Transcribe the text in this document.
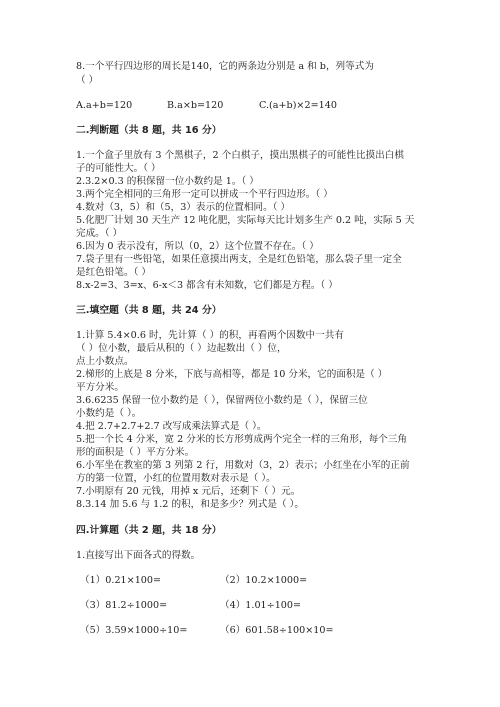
8.一个平行四边形的周长是140，它的两条边分别是 a 和 b，列等式为
（ ）
A.a+b=120	B.a×b=120	C.(a+b)×2=140
二.判断题（共 8 题，共 16 分）
1.一个盒子里放有 3 个黑棋子，2 个白棋子，摸出黑棋子的可能性比摸出白棋
子的可能性大。（ ）
2.3.2×0.3 的积保留一位小数约是 1。（ ）
3.两个完全相同的三角形一定可以拼成一个平行四边形。（ ）
4.数对（3，5）和（5，3）表示的位置相同。（ ）
5.化肥厂计划 30 天生产 12 吨化肥，实际每天比计划多生产 0.2 吨，实际 5 天
完成。（ ）
6.因为 0 表示没有，所以（0，2）这个位置不存在。（ ）
7.袋子里有一些铅笔，如果任意摸出两支，全是红色铅笔，那么袋子里一定全
是红色铅笔。（ ）
8.x-2=3、3=x、6-x＜3 都含有未知数，它们都是方程。（ ）
三.填空题（共 8 题，共 24 分）
1.计算 5.4×0.6 时，先计算（ ）的积，再看两个因数中一共有
（ ）位小数，最后从积的（ ）边起数出（ ）位，
点上小数点。
2.梯形的上底是 8 分米，下底与高相等，都是 10 分米，它的面积是（ ）
平方分米。
3.6.6235 保留一位小数约是（ ），保留两位小数约是（ ），保留三位
小数约是（ ）。
4.把 2.7+2.7+2.7 改写成乘法算式是（ ）。
5.把一个长 4 分米，宽 2 分米的长方形剪成两个完全一样的三角形，每个三角
形的面积是（ ）平方分米。
6.小军坐在教室的第 3 列第 2 行，用数对（3，2）表示；小红坐在小军的正前
方的第一位置，小红的位置用数对表示是（ ）。
7.小明原有 20 元钱，用掉 x 元后，还剩下（ ）元。
8.3.14 加 5.6 与 1.2 的积，和是多少？列式是（ ）。
四.计算题（共 2 题，共 18 分）
1.直接写出下面各式的得数。
（1）0.21×100=	（2）10.2×1000=
（3）81.2÷1000=	（4）1.01÷100=
（5）3.59×1000÷10=	（6）601.58÷100×10=
